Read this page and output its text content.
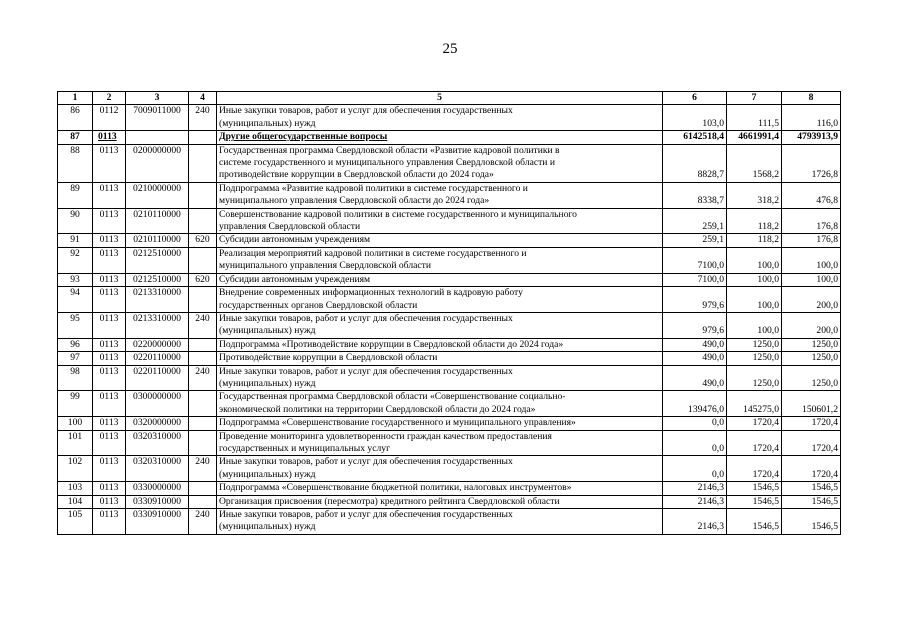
25
1	2	3	4	5	6	7	8
86	0112	7009011000	240	Иные закупки товаров, работ и услуг для обеспечения государственных
(муниципальных) нужд	103,0	111,5	116,0
87	0113			Другие общегосударственные вопросы	6142518,4	4661991,4	4793913,9
88	0113	0200000000		Государственная программа Свердловской области «Развитие кадровой политики в
системе государственного и муниципального управления Свердловской области и
противодействие коррупции в Свердловской области до 2024 года»	8828,7	1568,2	1726,8
89	0113	0210000000		Подпрограмма «Развитие кадровой политики в системе государственного и
муниципального управления Свердловской области до 2024 года»	8338,7	318,2	476,8
90	0113	0210110000		Совершенствование кадровой политики в системе государственного и муниципального
управления Свердловской области	259,1	118,2	176,8
91	0113	0210110000	620	Субсидии автономным учреждениям	259,1	118,2	176,8
92	0113	0212510000		Реализация мероприятий кадровой политики в системе государственного и
муниципального управления Свердловской области	7100,0	100,0	100,0
93	0113	0212510000	620	Субсидии автономным учреждениям	7100,0	100,0	100,0
94	0113	0213310000		Внедрение современных информационных технологий в кадровую работу
государственных органов Свердловской области	979,6	100,0	200,0
95	0113	0213310000	240	Иные закупки товаров, работ и услуг для обеспечения государственных
(муниципальных) нужд	979,6	100,0	200,0
96	0113	0220000000		Подпрограмма «Противодействие коррупции в Свердловской области до 2024 года»	490,0	1250,0	1250,0
97	0113	0220110000		Противодействие коррупции в Свердловской области	490,0	1250,0	1250,0
98	0113	0220110000	240	Иные закупки товаров, работ и услуг для обеспечения государственных
(муниципальных) нужд	490,0	1250,0	1250,0
99	0113	0300000000		Государственная программа Свердловской области «Совершенствование социально-
экономической политики на территории Свердловской области до 2024 года»	139476,0	145275,0	150601,2
100	0113	0320000000		Подпрограмма «Совершенствование государственного и муниципального управления»	0,0	1720,4	1720,4
101	0113	0320310000		Проведение мониторинга удовлетворенности граждан качеством предоставления
государственных и муниципальных услуг	0,0	1720,4	1720,4
102	0113	0320310000	240	Иные закупки товаров, работ и услуг для обеспечения государственных
(муниципальных) нужд	0,0	1720,4	1720,4
103	0113	0330000000		Подпрограмма «Совершенствование бюджетной политики, налоговых инструментов»	2146,3	1546,5	1546,5
104	0113	0330910000		Организация присвоения (пересмотра) кредитного рейтинга Свердловской области	2146,3	1546,5	1546,5
105	0113	0330910000	240	Иные закупки товаров, работ и услуг для обеспечения государственных
(муниципальных) нужд	2146,3	1546,5	1546,5
